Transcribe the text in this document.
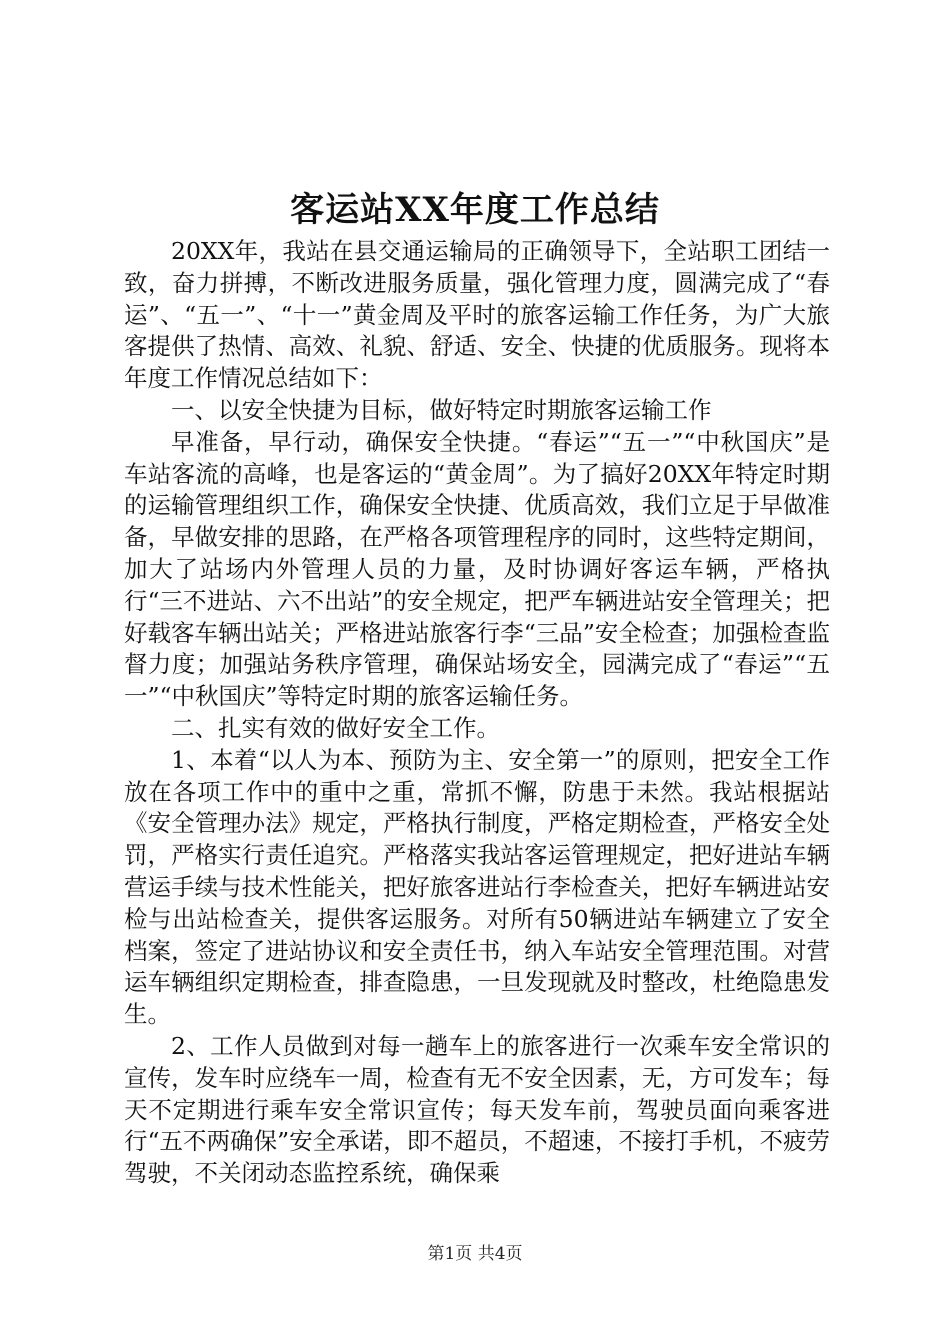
客运站XX年度工作总结

20XX年，我站在县交通运输局的正确领导下，全站职工团结一致，奋力拼搏，不断改进服务质量，强化管理力度，圆满完成了“春运”、“五一”、“十一”黄金周及平时的旅客运输工作任务，为广大旅客提供了热情、高效、礼貌、舒适、安全、快捷的优质服务。现将本年度工作情况总结如下：

一、以安全快捷为目标，做好特定时期旅客运输工作

早准备，早行动，确保安全快捷。“春运”“五一”“中秋国庆”是车站客流的高峰，也是客运的“黄金周”。为了搞好20XX年特定时期的运输管理组织工作，确保安全快捷、优质高效，我们立足于早做准备，早做安排的思路，在严格各项管理程序的同时，这些特定期间，加大了站场内外管理人员的力量，及时协调好客运车辆，严格执行“三不进站、六不出站”的安全规定，把严车辆进站安全管理关；把好载客车辆出站关；严格进站旅客行李“三品”安全检查；加强检查监督力度；加强站务秩序管理，确保站场安全，园满完成了“春运”“五一”“中秋国庆”等特定时期的旅客运输任务。

二、扎实有效的做好安全工作。

1、本着“以人为本、预防为主、安全第一”的原则，把安全工作放在各项工作中的重中之重，常抓不懈，防患于未然。我站根据站《安全管理办法》规定，严格执行制度，严格定期检查，严格安全处罚，严格实行责任追究。严格落实我站客运管理规定，把好进站车辆营运手续与技术性能关，把好旅客进站行李检查关，把好车辆进站安检与出站检查关，提供客运服务。对所有50辆进站车辆建立了安全档案，签定了进站协议和安全责任书，纳入车站安全管理范围。对营运车辆组织定期检查，排查隐患，一旦发现就及时整改，杜绝隐患发生。

2、工作人员做到对每一趟车上的旅客进行一次乘车安全常识的宣传，发车时应绕车一周，检查有无不安全因素，无，方可发车；每天不定期进行乘车安全常识宣传；每天发车前，驾驶员面向乘客进行“五不两确保”安全承诺，即不超员，不超速，不接打手机，不疲劳驾驶，不关闭动态监控系统，确保乘

第1页 共4页
